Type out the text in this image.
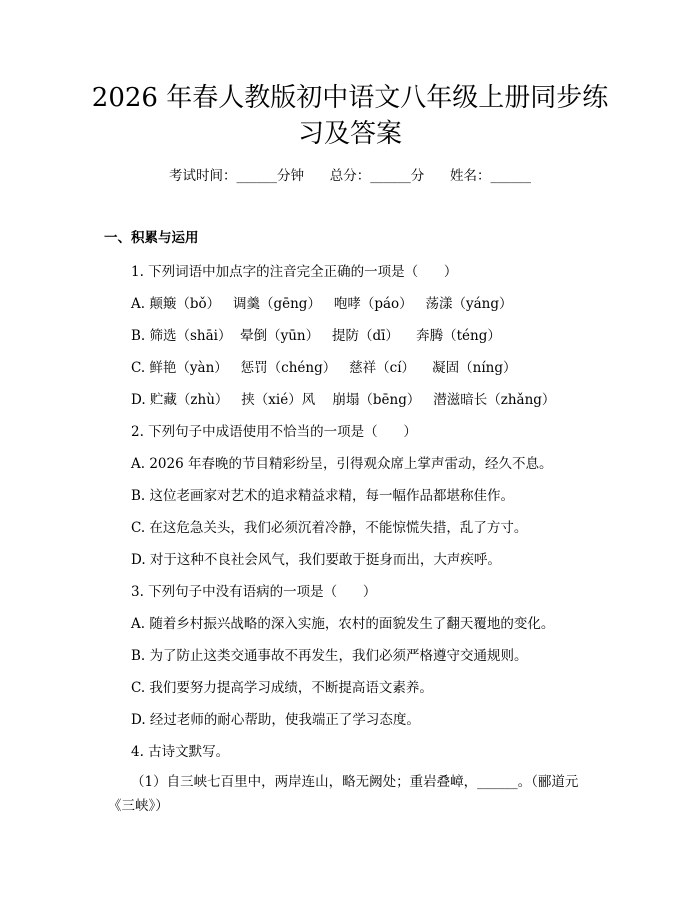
2026 年春人教版初中语文八年级上册同步练
习及答案
考试时间：______分钟      总分：______分      姓名：______
一、积累与运用
1. 下列词语中加点字的注音完全正确的一项是（      ）
A. 颠簸（bǒ）   调羹（gēng）   咆哮（páo）   荡漾（yáng）
B. 筛选（shāi）  晕倒（yūn）   提防（dī）    奔腾（téng）
C. 鲜艳（yàn）   惩罚（chéng）   慈祥（cí）    凝固（níng）
D. 贮藏（zhù）   挟（xié）风    崩塌（bēng）   潜滋暗长（zhǎng）
2. 下列句子中成语使用不恰当的一项是（      ）
A. 2026 年春晚的节目精彩纷呈，引得观众席上掌声雷动，经久不息。
B. 这位老画家对艺术的追求精益求精，每一幅作品都堪称佳作。
C. 在这危急关头，我们必须沉着冷静，不能惊慌失措，乱了方寸。
D. 对于这种不良社会风气，我们要敢于挺身而出，大声疾呼。
3. 下列句子中没有语病的一项是（      ）
A. 随着乡村振兴战略的深入实施，农村的面貌发生了翻天覆地的变化。
B. 为了防止这类交通事故不再发生，我们必须严格遵守交通规则。
C. 我们要努力提高学习成绩，不断提高语文素养。
D. 经过老师的耐心帮助，使我端正了学习态度。
4. 古诗文默写。
（1）自三峡七百里中，两岸连山，略无阙处；重岩叠嶂，______。（郦道元
《三峡》）
